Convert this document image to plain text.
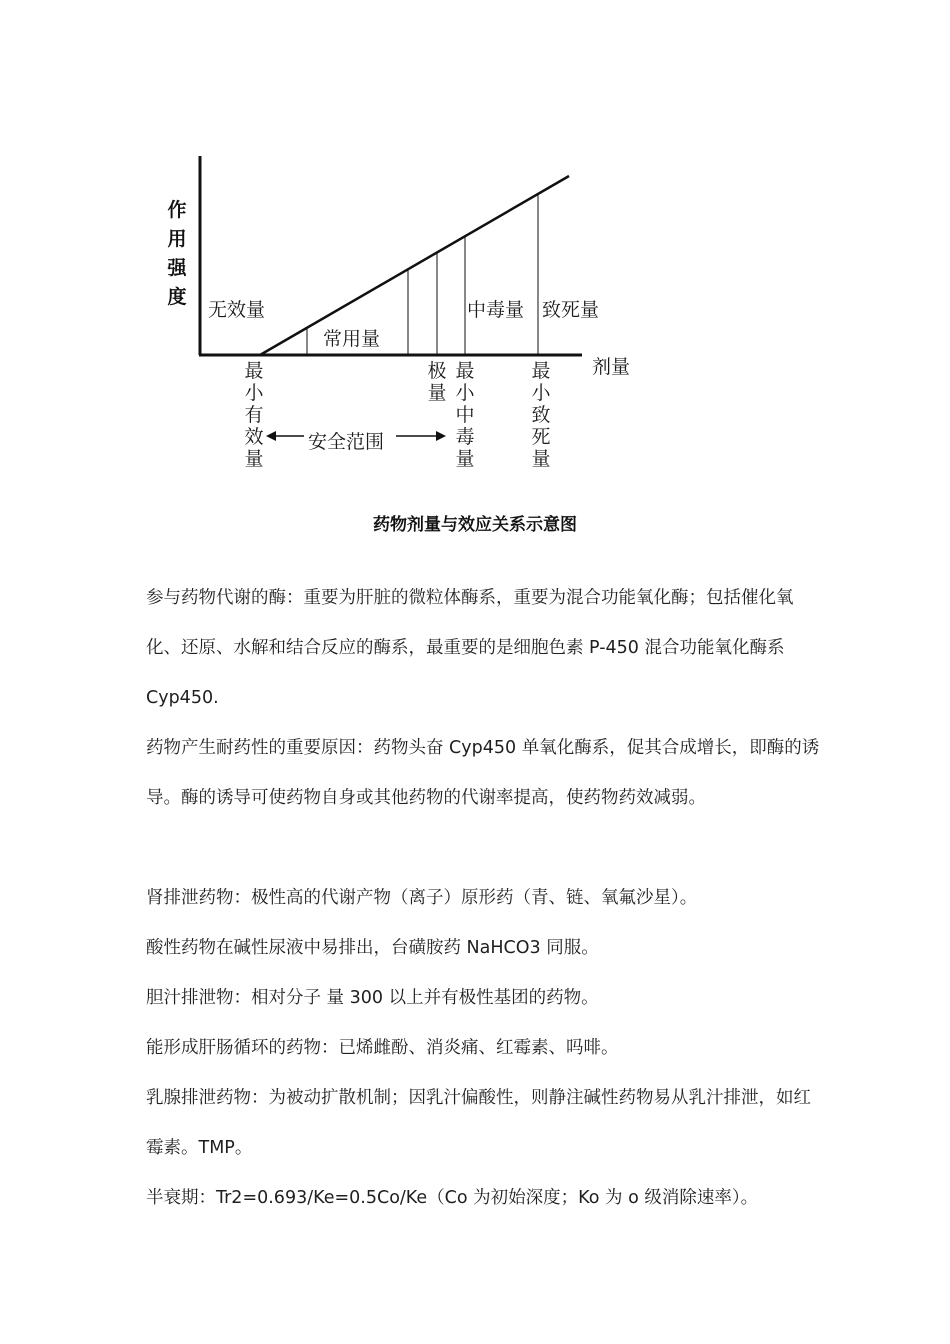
作用强度
剂量
无效量
常用量
中毒量 致死量
最小有效量
极量
最小中毒量
最小致死量
安全范围
药物剂量与效应关系示意图

参与药物代谢的酶：重要为肝脏的微粒体酶系，重要为混合功能氧化酶；包括催化氧化、还原、水解和结合反应的酶系，最重要的是细胞色素 P-450 混合功能氧化酶系 Cyp450.

药物产生耐药性的重要原因：药物头奋 Cyp450 单氧化酶系，促其合成增长，即酶的诱导。酶的诱导可使药物自身或其他药物的代谢率提高，使药物药效减弱。

肾排泄药物：极性高的代谢产物（离子）原形药（青、链、氧氟沙星）。

酸性药物在碱性尿液中易排出，台磺胺药 NaHCO3 同服。

胆汁排泄物：相对分子 量 300 以上并有极性基团的药物。

能形成肝肠循环的药物：已烯雌酚、消炎痛、红霉素、吗啡。

乳腺排泄药物：为被动扩散机制；因乳汁偏酸性，则静注碱性药物易从乳汁排泄，如红霉素。TMP。

半衰期：Tr2=0.693/Ke=0.5Co/Ke（Co 为初始深度；Ko 为 o 级消除速率）。
